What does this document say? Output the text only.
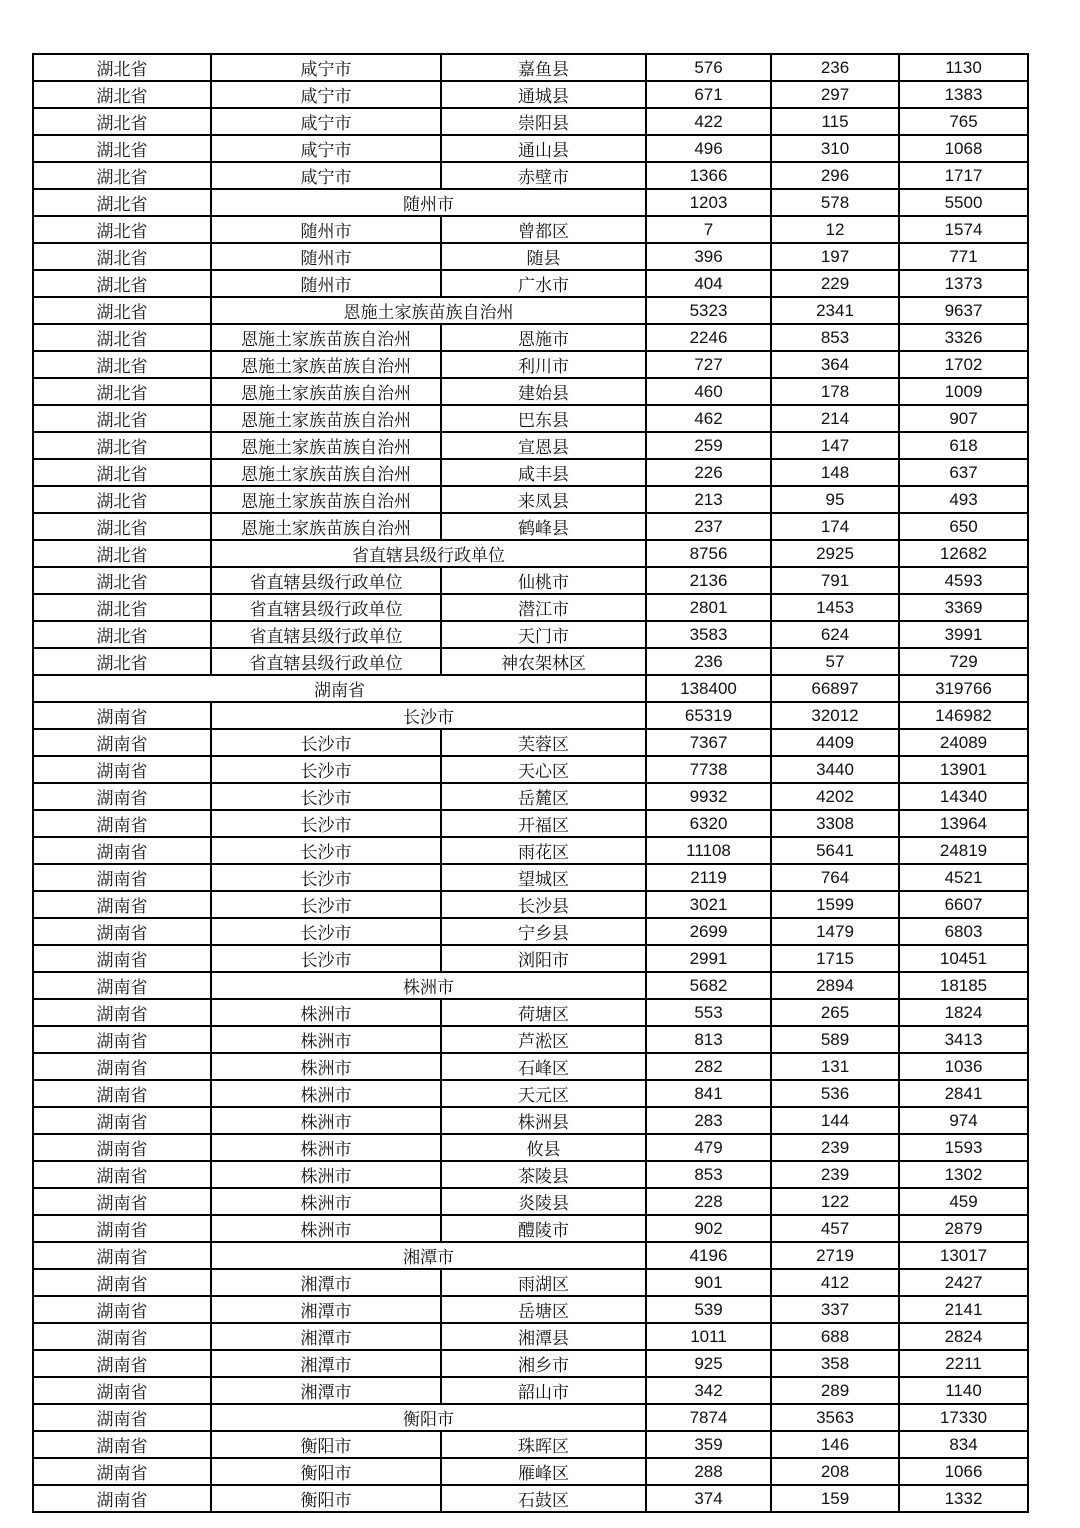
湖北省	咸宁市	嘉鱼县	576	236	1130
湖北省	咸宁市	通城县	671	297	1383
湖北省	咸宁市	崇阳县	422	115	765
湖北省	咸宁市	通山县	496	310	1068
湖北省	咸宁市	赤壁市	1366	296	1717
湖北省	随州市		1203	578	5500
湖北省	随州市	曾都区	7	12	1574
湖北省	随州市	随县	396	197	771
湖北省	随州市	广水市	404	229	1373
湖北省	恩施土家族苗族自治州		5323	2341	9637
湖北省	恩施土家族苗族自治州	恩施市	2246	853	3326
湖北省	恩施土家族苗族自治州	利川市	727	364	1702
湖北省	恩施土家族苗族自治州	建始县	460	178	1009
湖北省	恩施土家族苗族自治州	巴东县	462	214	907
湖北省	恩施土家族苗族自治州	宣恩县	259	147	618
湖北省	恩施土家族苗族自治州	咸丰县	226	148	637
湖北省	恩施土家族苗族自治州	来凤县	213	95	493
湖北省	恩施土家族苗族自治州	鹤峰县	237	174	650
湖北省	省直辖县级行政单位		8756	2925	12682
湖北省	省直辖县级行政单位	仙桃市	2136	791	4593
湖北省	省直辖县级行政单位	潜江市	2801	1453	3369
湖北省	省直辖县级行政单位	天门市	3583	624	3991
湖北省	省直辖县级行政单位	神农架林区	236	57	729
湖南省			138400	66897	319766
湖南省	长沙市		65319	32012	146982
湖南省	长沙市	芙蓉区	7367	4409	24089
湖南省	长沙市	天心区	7738	3440	13901
湖南省	长沙市	岳麓区	9932	4202	14340
湖南省	长沙市	开福区	6320	3308	13964
湖南省	长沙市	雨花区	11108	5641	24819
湖南省	长沙市	望城区	2119	764	4521
湖南省	长沙市	长沙县	3021	1599	6607
湖南省	长沙市	宁乡县	2699	1479	6803
湖南省	长沙市	浏阳市	2991	1715	10451
湖南省	株洲市		5682	2894	18185
湖南省	株洲市	荷塘区	553	265	1824
湖南省	株洲市	芦淞区	813	589	3413
湖南省	株洲市	石峰区	282	131	1036
湖南省	株洲市	天元区	841	536	2841
湖南省	株洲市	株洲县	283	144	974
湖南省	株洲市	攸县	479	239	1593
湖南省	株洲市	茶陵县	853	239	1302
湖南省	株洲市	炎陵县	228	122	459
湖南省	株洲市	醴陵市	902	457	2879
湖南省	湘潭市		4196	2719	13017
湖南省	湘潭市	雨湖区	901	412	2427
湖南省	湘潭市	岳塘区	539	337	2141
湖南省	湘潭市	湘潭县	1011	688	2824
湖南省	湘潭市	湘乡市	925	358	2211
湖南省	湘潭市	韶山市	342	289	1140
湖南省	衡阳市		7874	3563	17330
湖南省	衡阳市	珠晖区	359	146	834
湖南省	衡阳市	雁峰区	288	208	1066
湖南省	衡阳市	石鼓区	374	159	1332
